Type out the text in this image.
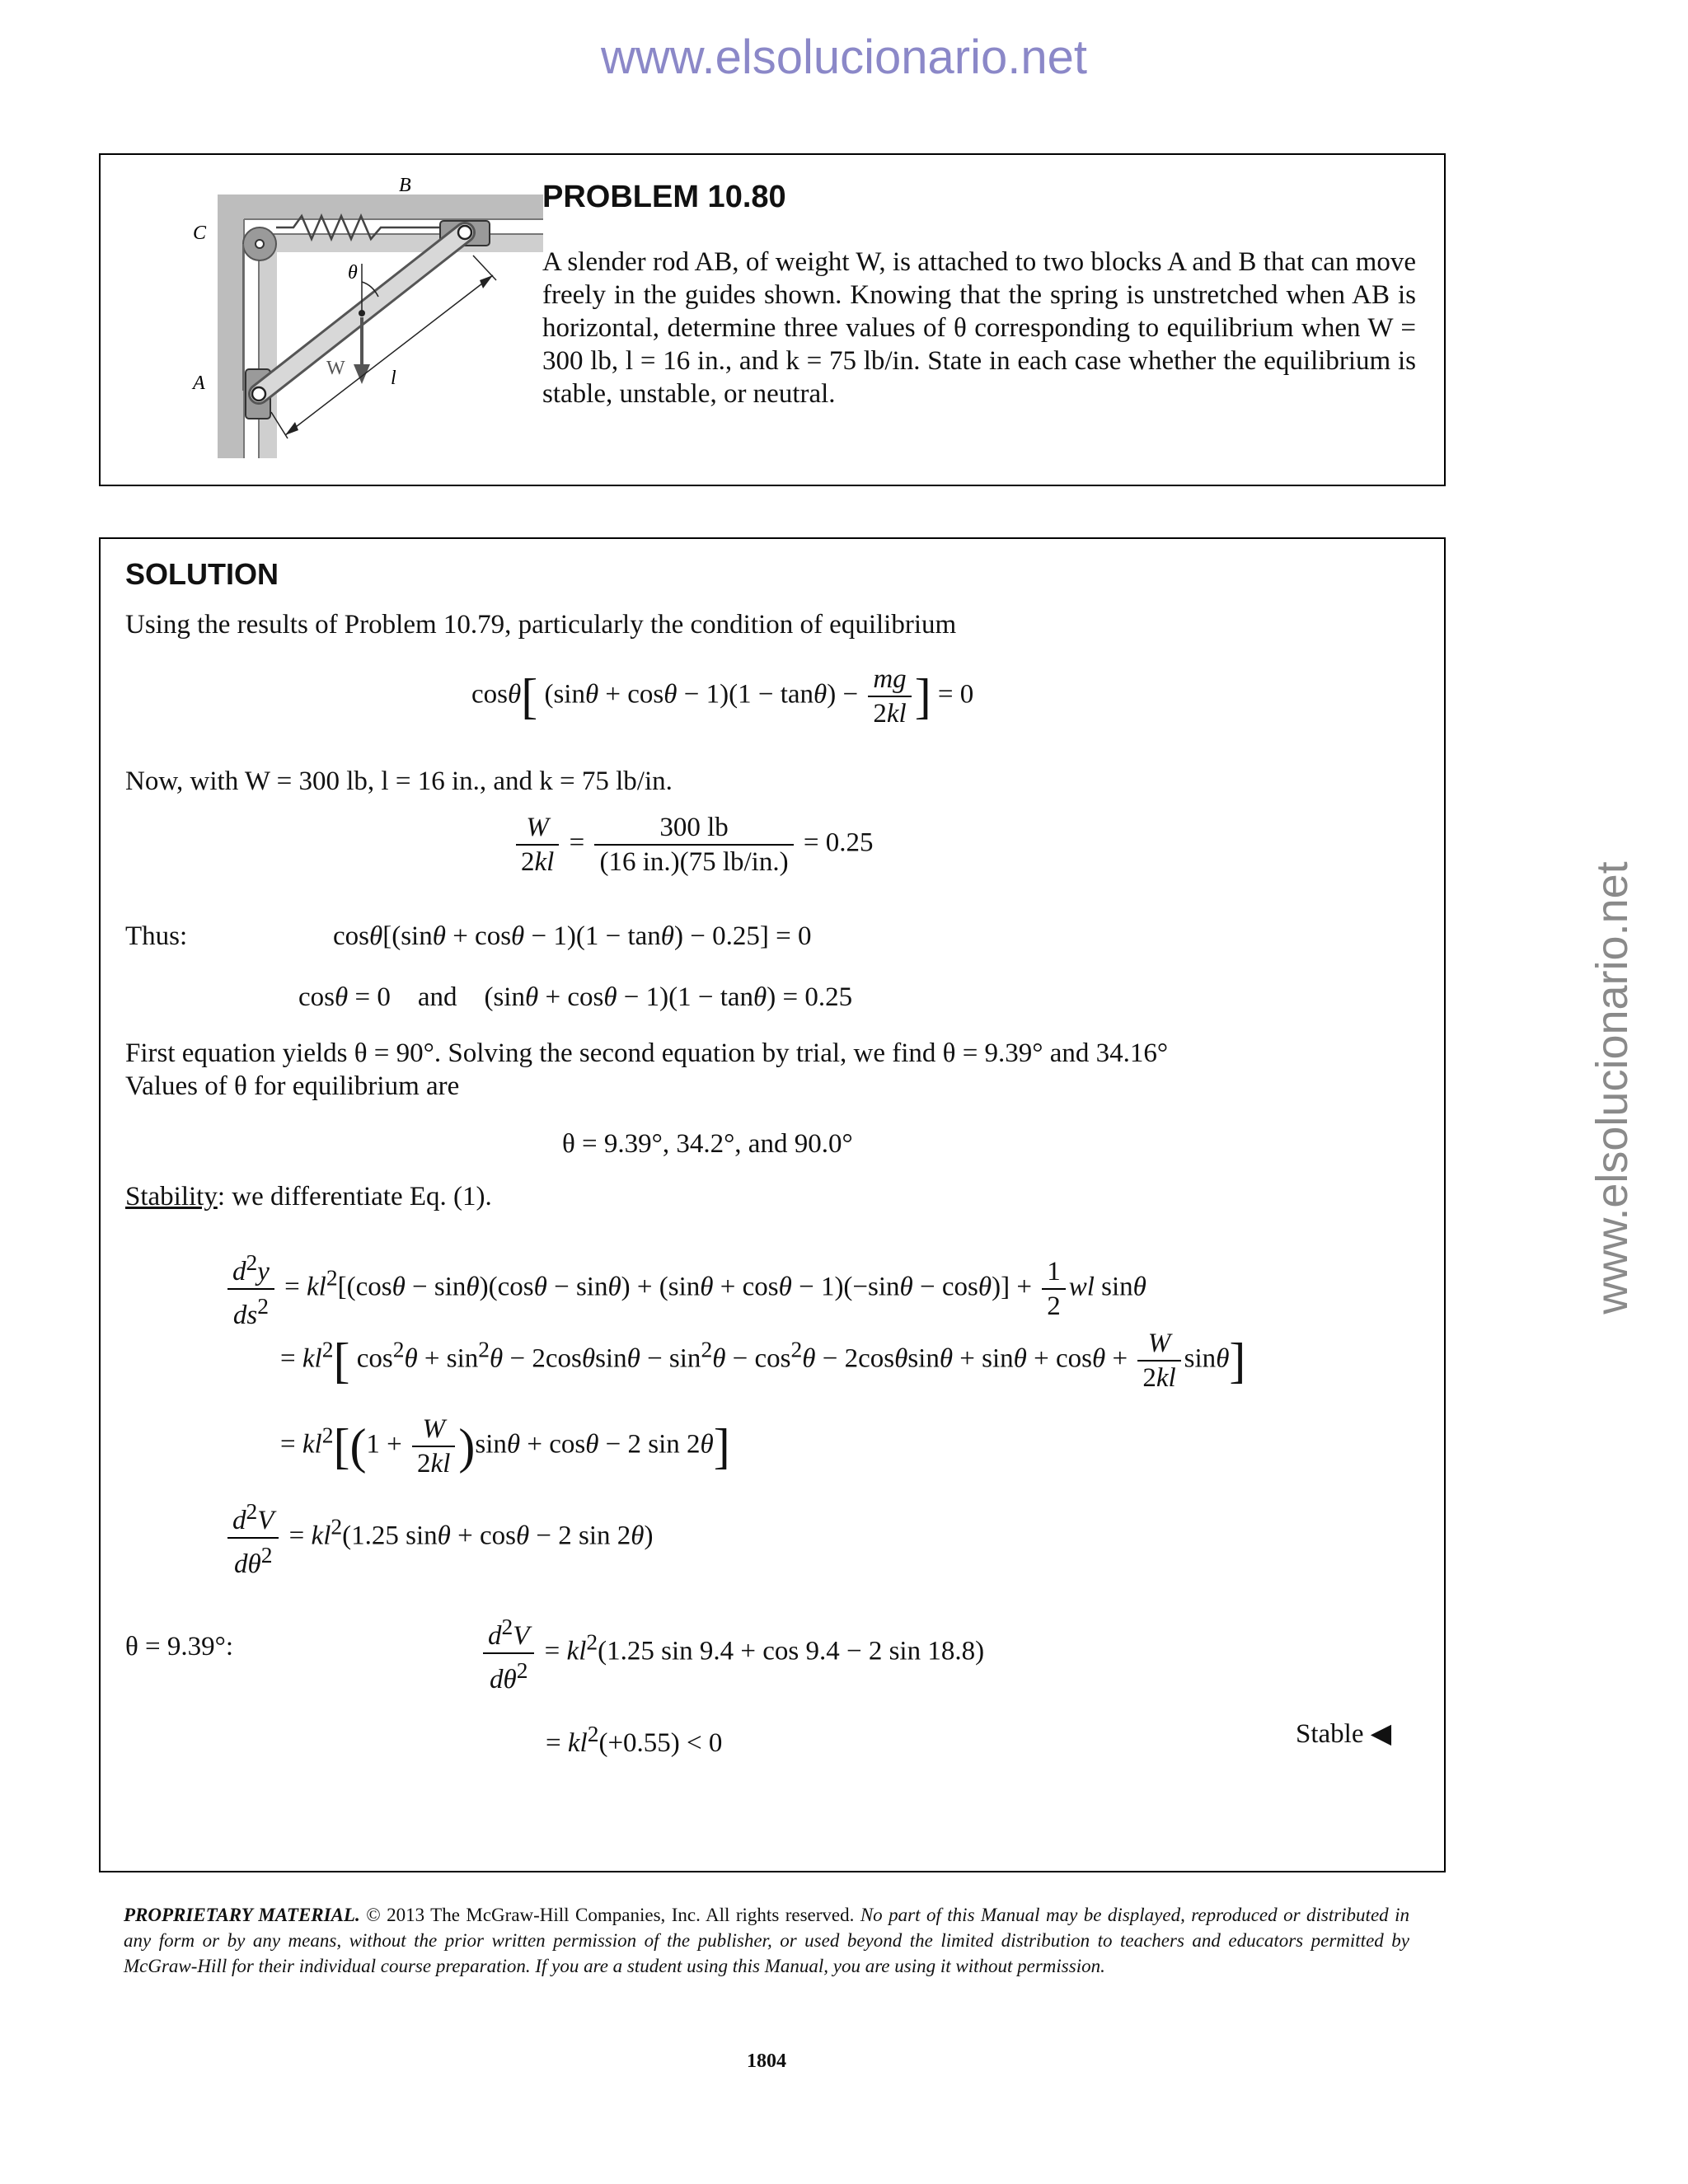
www.elsolucionario.net
www.elsolucionario.net
B
C
A
θ
W l
PROBLEM 10.80
A slender rod AB, of weight W, is attached to two blocks A and B that can move freely in the guides shown. Knowing that the spring is unstretched when AB is horizontal, determine three values of θ corresponding to equilibrium when W = 300 lb, l = 16 in., and k = 75 lb/in. State in each case whether the equilibrium is stable, unstable, or neutral.
SOLUTION
Using the results of Problem 10.79, particularly the condition of equilibrium
cosθ[ $(\sin\theta + \cos\theta - 1)(1 - \tan\theta) - \frac{mg}{2kl}$ ] = 0
Now, with W = 300 lb, l = 16 in., and k = 75 lb/in.
$\frac{W}{2kl} = \frac{300 lb}{(16 in.)(75 lb/in.)} = 0.25$
Thus:	cosθ[(sinθ + cosθ − 1)(1 − tanθ) − 0.25] = 0
cosθ = 0    and    (sinθ + cosθ − 1)(1 − tanθ) = 0.25
First equation yields θ = 90°. Solving the second equation by trial, we find θ = 9.39° and 34.16°
Values of θ for equilibrium are
θ = 9.39°, 34.2°, and 90.0°
Stability: we differentiate Eq. (1).
$\frac{d^2y}{ds^2} = kl^2[(\cos\theta - \sin\theta)(\cos\theta - \sin\theta) + (\sin\theta + \cos\theta - 1)(-\sin\theta - \cos\theta)] + \frac{1}{2}$ wl sinθ
= $kl^2$[ $\cos^2\theta + \sin^2\theta - 2\cos\theta\sin\theta - \sin^2\theta - \cos^2\theta - 2\cos\theta\sin\theta + \sin\theta + \cos\theta + \frac{W}{2kl} \sin\theta$]
= $kl^2[(1 + \frac{W}{2kl} )\sin\theta + \cos\theta - 2$ sin 2θ]
$\frac{d^2V}{d\theta^2} = kl^2(1.25$ sinθ + cosθ − 2 sin 2θ)
θ = 9.39°:	$\frac{d^2V}{d\theta^2} = kl^2(1.25$ sin 9.4 + cos 9.4 − 2 sin 18.8)
= $kl^2(+0.55) < 0$	Stable ◀
PROPRIETARY MATERIAL. © 2013 The McGraw-Hill Companies, Inc. All rights reserved. No part of this Manual may be displayed, reproduced or distributed in any form or by any means, without the prior written permission of the publisher, or used beyond the limited distribution to teachers and educators permitted by McGraw-Hill for their individual course preparation. If you are a student using this Manual, you are using it without permission.
1804
